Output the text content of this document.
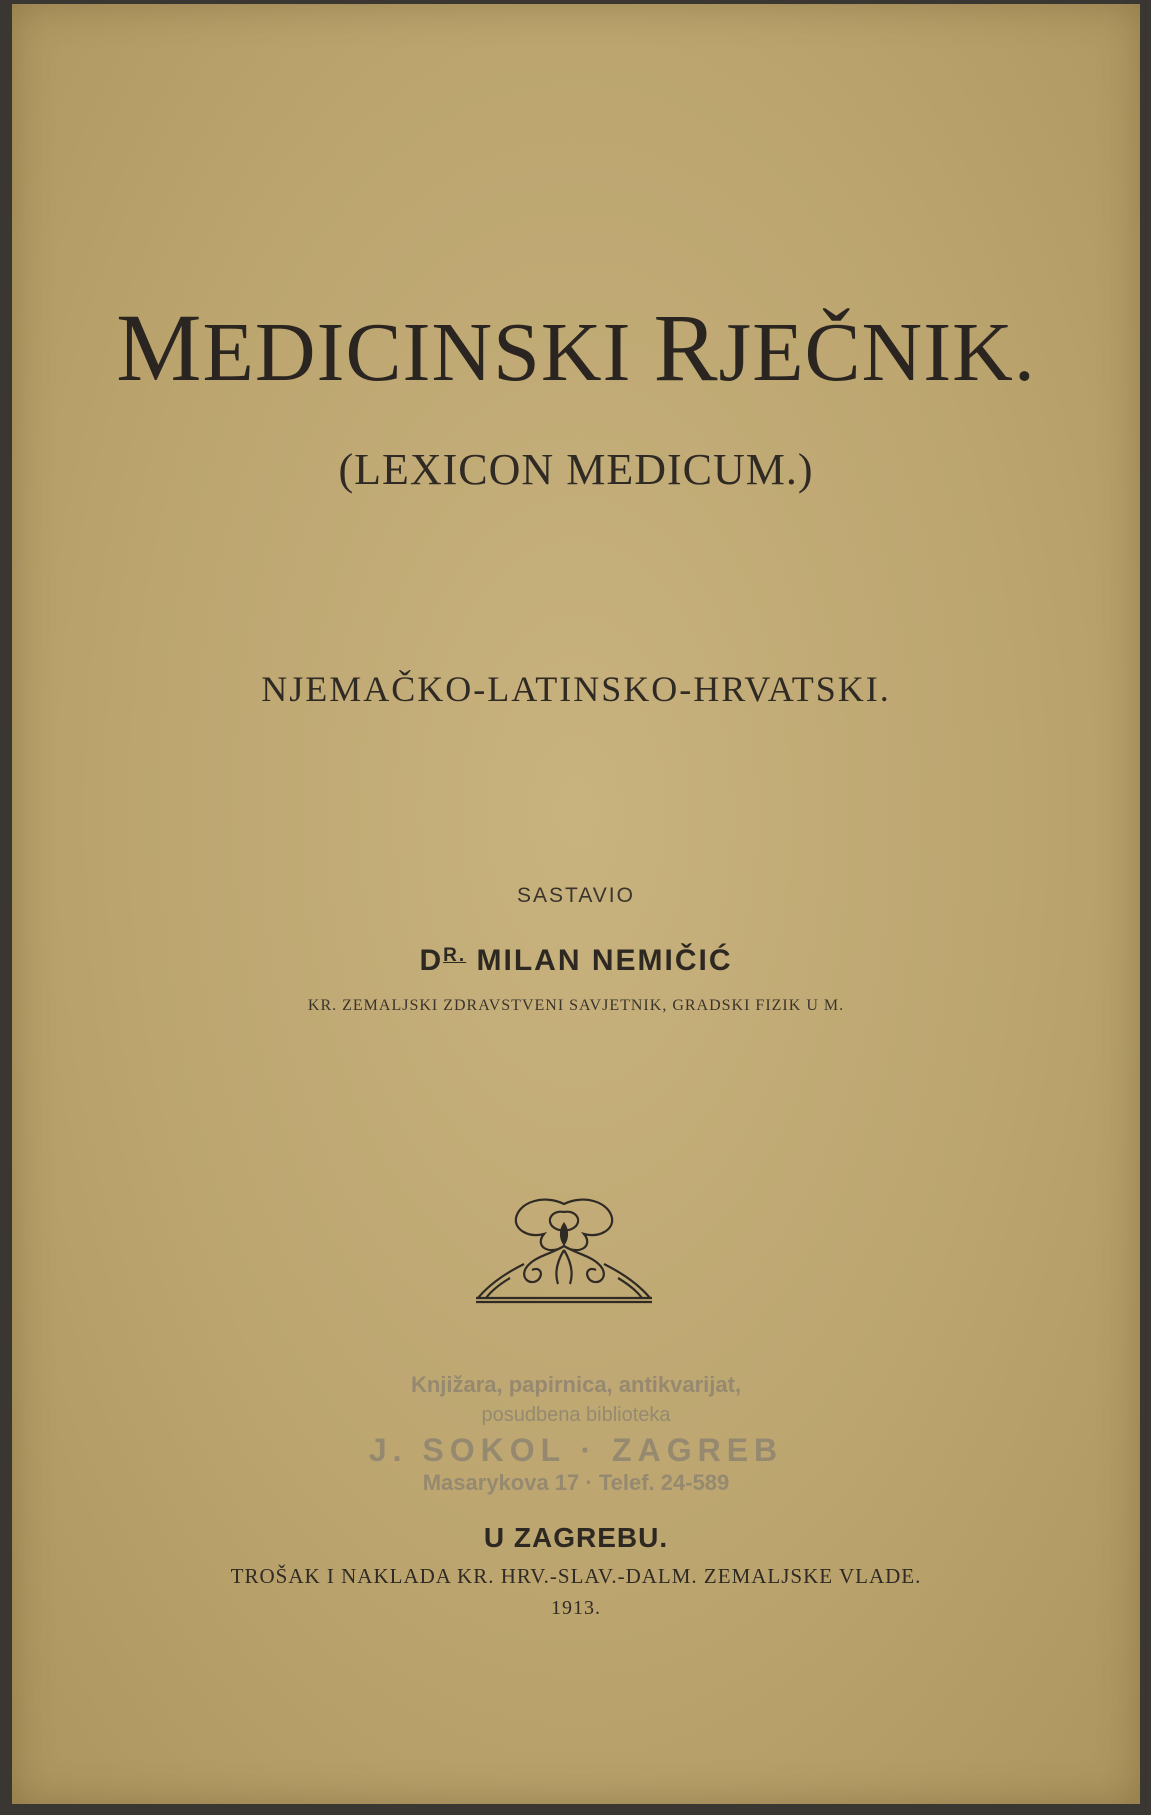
MEDICINSKI RJEČNIK.
(LEXICON MEDICUM.)
NJEMAČKO-LATINSKO-HRVATSKI.
SASTAVIO
$D^{R.}$ MILAN NEMIČIĆ
KR. ZEMALJSKI ZDRAVSTVENI SAVJETNIK, GRADSKI FIZIK U M.
Knjižara, papirnica, antikvarijat,
posudbena biblioteka
J. SOKOL · ZAGREB
Masarykova 17 · Telef. 24-589
U ZAGREBU.
TROŠAK I NAKLADA KR. HRV.-SLAV.-DALM. ZEMALJSKE VLADE.
1913.
